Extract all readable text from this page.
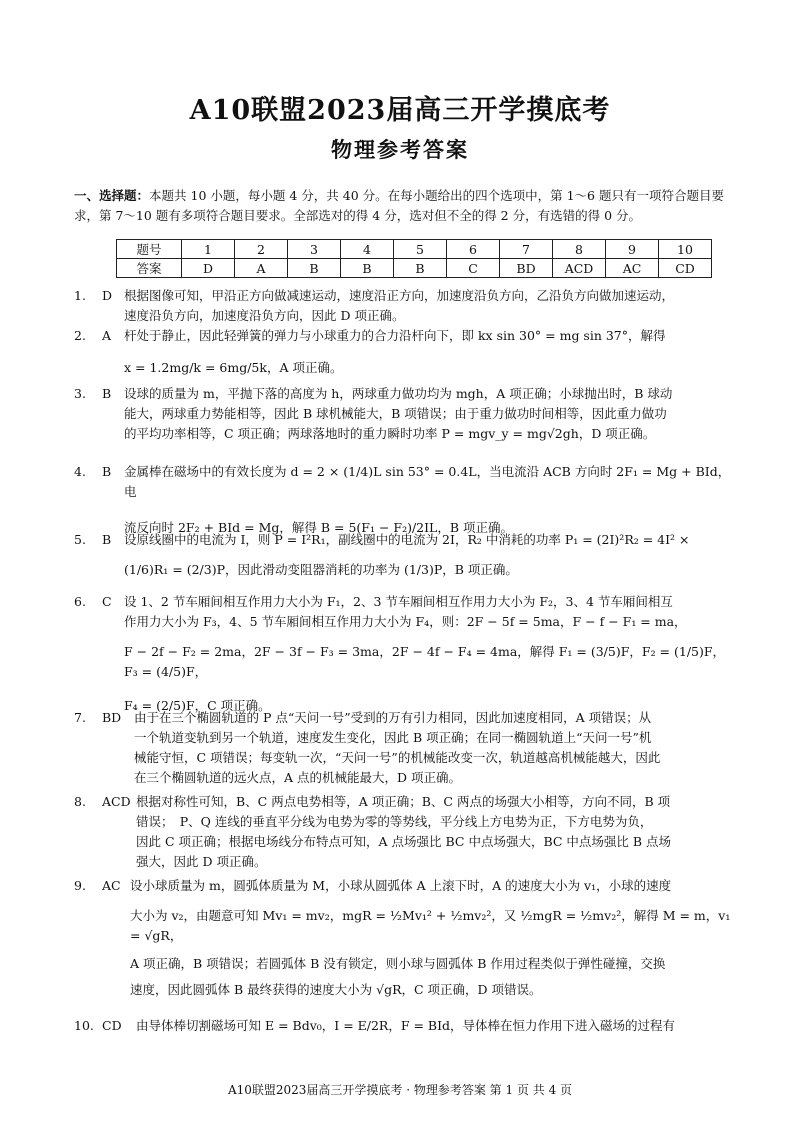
A10联盟2023届高三开学摸底考
物理参考答案
一、选择题：本题共 10 小题，每小题 4 分，共 40 分。在每小题给出的四个选项中，第 1～6 题只有一项符合题目要求，第 7～10 题有多项符合题目要求。全部选对的得 4 分，选对但不全的得 2 分，有选错的得 0 分。
题号	1	2	3	4	5	6	7	8	9	10
答案	D	A	B	B	B	C	BD	ACD	AC	CD
1. D 根据图像可知，甲沿正方向做减速运动，速度沿正方向，加速度沿负方向，乙沿负方向做加速运动，

速度沿负方向，加速度沿负方向，因此 D 项正确。

2. A 杆处于静止，因此轻弹簧的弹力与小球重力的合力沿杆向下，即 kx sin 30° = mg sin 37°，解得

x = 1.2mg/k = 6mg/5k，A 项正确。

3. B 设球的质量为 m，平抛下落的高度为 h，两球重力做功均为 mgh，A 项正确；小球抛出时，B 球动

能大，两球重力势能相等，因此 B 球机械能大，B 项错误；由于重力做功时间相等，因此重力做功

的平均功率相等，C 项正确；两球落地时的重力瞬时功率 P = mgv_y = mg√2gh，D 项正确。

4. B 金属棒在磁场中的有效长度为 d = 2 × (1/4)L sin 53° = 0.4L，当电流沿 ACB 方向时 2F₁ = Mg + BId，电

流反向时 2F₂ + BId = Mg，解得 B = 5(F₁ − F₂)/2IL，B 项正确。

5. B 设原线圈中的电流为 I，则 P = I²R₁，副线圈中的电流为 2I，R₂ 中消耗的功率 P₁ = (2I)²R₂ = 4I² ×

(1/6)R₁ = (2/3)P，因此滑动变阻器消耗的功率为 (1/3)P，B 项正确。

6. C 设 1、2 节车厢间相互作用力大小为 F₁，2、3 节车厢间相互作用力大小为 F₂，3、4 节车厢间相互

作用力大小为 F₃，4、5 节车厢间相互作用力大小为 F₄，则：2F − 5f = 5ma，F − f − F₁ = ma，

F − 2f − F₂ = 2ma，2F − 3f − F₃ = 3ma，2F − 4f − F₄ = 4ma，解得 F₁ = (3/5)F，F₂ = (1/5)F，F₃ = (4/5)F，

F₄ = (2/5)F，C 项正确。

7. BD 由于在三个椭圆轨道的 P 点“天问一号”受到的万有引力相同，因此加速度相同，A 项错误；从

一个轨道变轨到另一个轨道，速度发生变化，因此 B 项正确；在同一椭圆轨道上“天问一号”机

械能守恒，C 项错误；每变轨一次，“天问一号”的机械能改变一次，轨道越高机械能越大，因此

在三个椭圆轨道的远火点，A 点的机械能最大，D 项正确。

8. ACD 根据对称性可知，B、C 两点电势相等，A 项正确；B、C 两点的场强大小相等，方向不同，B 项

错误；　P、Q 连线的垂直平分线为电势为零的等势线，平分线上方电势为正，下方电势为负，

因此 C 项正确；根据电场线分布特点可知，A 点场强比 BC 中点场强大，BC 中点场强比 B 点场

强大，因此 D 项正确。

9. AC 设小球质量为 m，圆弧体质量为 M，小球从圆弧体 A 上滚下时，A 的速度大小为 v₁，小球的速度

大小为 v₂，由题意可知 Mv₁ = mv₂，mgR = ½Mv₁² + ½mv₂²，又 ½mgR = ½mv₂²，解得 M = m，v₁ = √gR，

A 项正确，B 项错误；若圆弧体 B 没有锁定，则小球与圆弧体 B 作用过程类似于弹性碰撞，交换

速度，因此圆弧体 B 最终获得的速度大小为 √gR，C 项正确，D 项错误。

10. CD 由导体棒切割磁场可知 E = Bdv₀，I = E/2R，F = BId，导体棒在恒力作用下进入磁场的过程有

A10联盟2023届高三开学摸底考 · 物理参考答案 第 1 页 共 4 页
